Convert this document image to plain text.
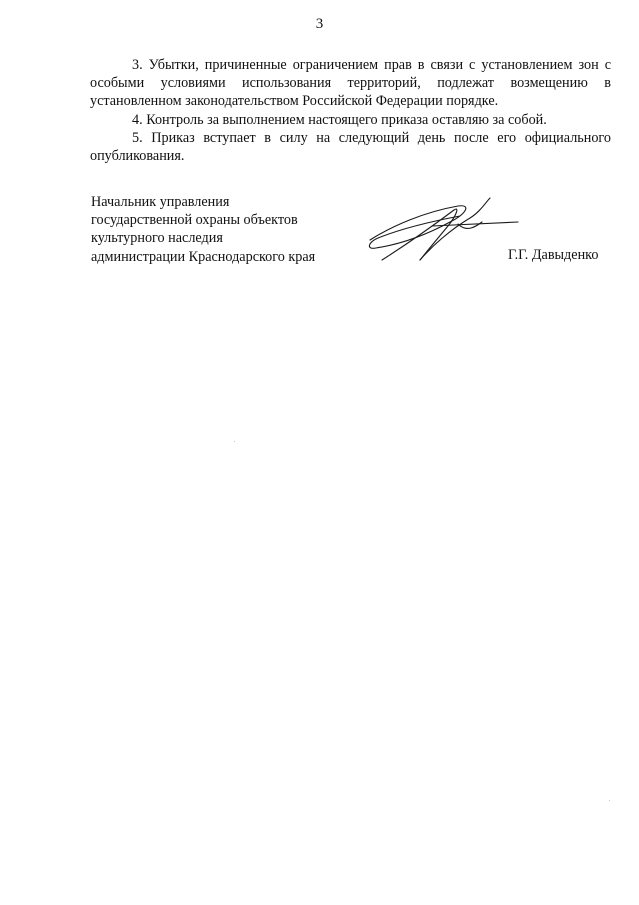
3

3. Убытки, причиненные ограничением прав в связи с установлением зон с особыми условиями использования территорий, подлежат возмещению в установленном законодательством Российской Федерации порядке.

4. Контроль за выполнением настоящего приказа оставляю за собой.

5. Приказ вступает в силу на следующий день после его официального опубликования.

Начальник управления
государственной охраны объектов
культурного наследия
администрации Краснодарского края	Г.Г. Давыденко
